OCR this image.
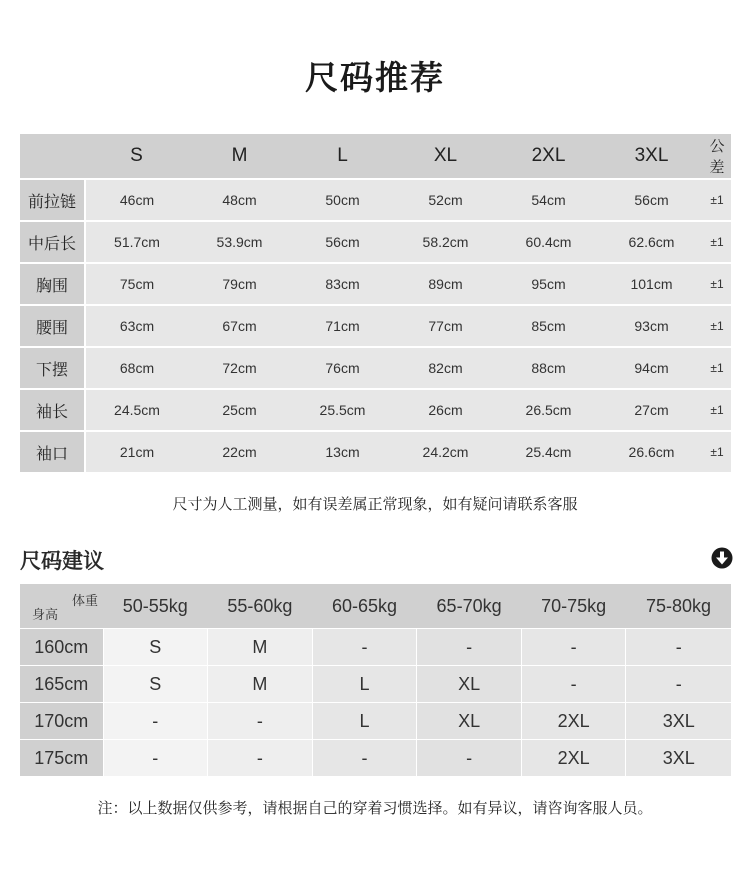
尺码推荐
	S	M	L	XL	2XL	3XL	公差
前拉链	46cm	48cm	50cm	52cm	54cm	56cm	±1
中后长	51.7cm	53.9cm	56cm	58.2cm	60.4cm	62.6cm	±1
胸围	75cm	79cm	83cm	89cm	95cm	101cm	±1
腰围	63cm	67cm	71cm	77cm	85cm	93cm	±1
下摆	68cm	72cm	76cm	82cm	88cm	94cm	±1
袖长	24.5cm	25cm	25.5cm	26cm	26.5cm	27cm	±1
袖口	21cm	22cm	13cm	24.2cm	25.4cm	26.6cm	±1
尺寸为人工测量，如有误差属正常现象，如有疑问请联系客服
尺码建议
体重
身高	50-55kg	55-60kg	60-65kg	65-70kg	70-75kg	75-80kg
160cm	S	M	-	-	-	-
165cm	S	M	L	XL	-	-
170cm	-	-	L	XL	2XL	3XL
175cm	-	-	-	-	2XL	3XL
注：以上数据仅供参考，请根据自己的穿着习惯选择。如有异议，请咨询客服人员。
